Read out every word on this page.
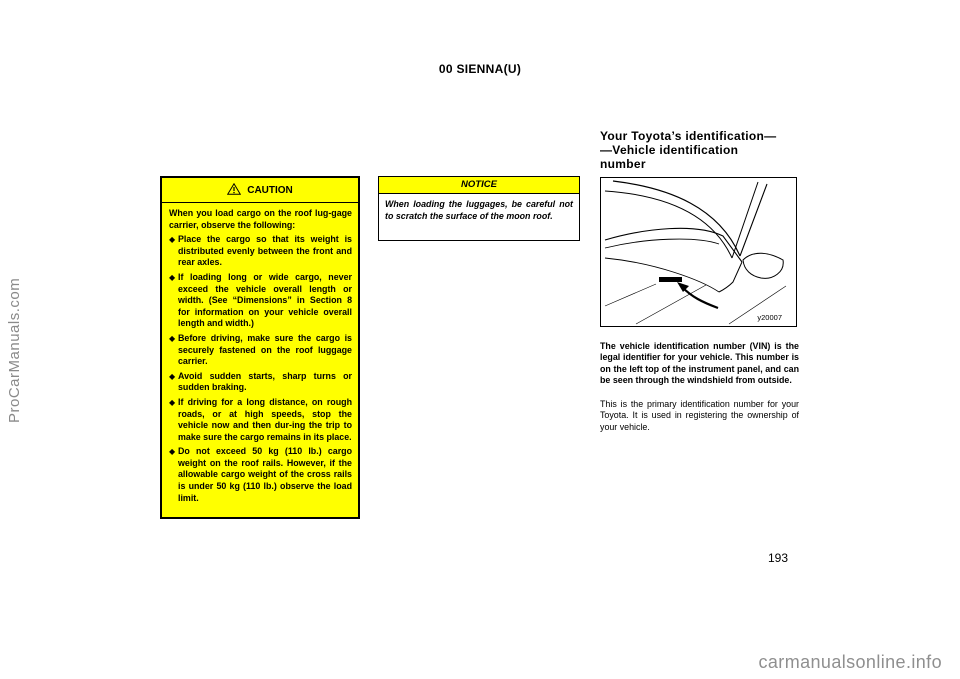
00 SIENNA(U)
ProCarManuals.com
CAUTION

When you load cargo on the roof lug-gage carrier, observe the following:

◆ Place the cargo so that its weight is distributed evenly between the front and rear axles.
◆ If loading long or wide cargo, never exceed the vehicle overall length or width. (See “Dimensions” in Section 8 for information on your vehicle overall length and width.)
◆ Before driving, make sure the cargo is securely fastened on the roof luggage carrier.
◆ Avoid sudden starts, sharp turns or sudden braking.
◆ If driving for a long distance, on rough roads, or at high speeds, stop the vehicle now and then dur-ing the trip to make sure the cargo remains in its place.
◆ Do not exceed 50 kg (110 lb.) cargo weight on the roof rails. However, if the allowable cargo weight of the cross rails is under 50 kg (110 lb.) observe the load limit.
NOTICE
When loading the luggages, be careful not to scratch the surface of the moon roof.
Your Toyota’s identification—
—Vehicle identification
number
y20007
The vehicle identification number (VIN) is the legal identifier for your vehicle. This number is on the left top of the instrument panel, and can be seen through the windshield from outside.
This is the primary identification number for your Toyota. It is used in registering the ownership of your vehicle.
193
carmanualsonline.info
